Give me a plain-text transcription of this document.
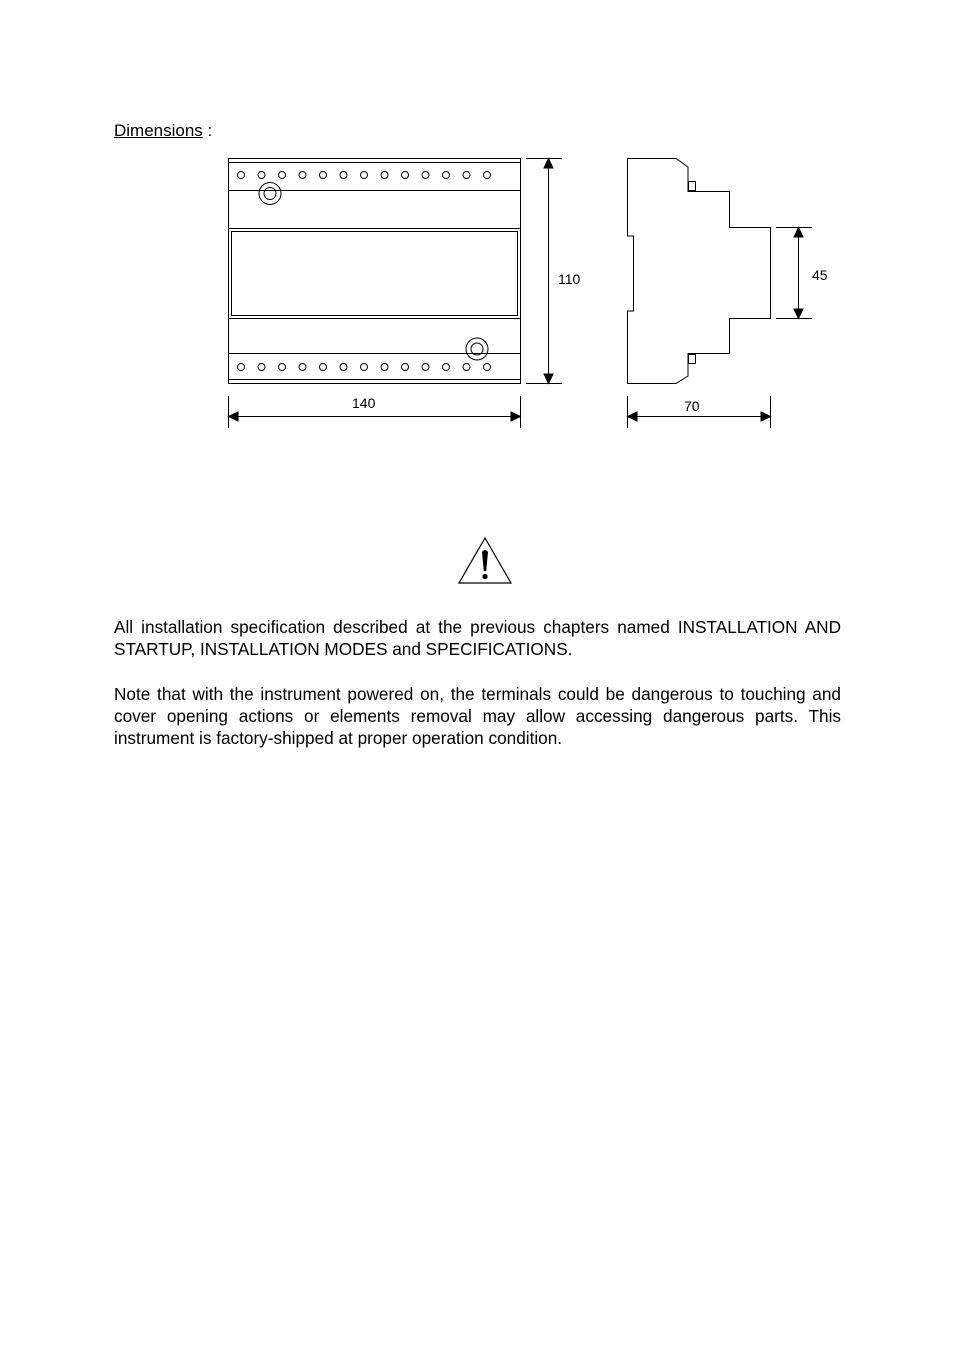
Dimensions :
110
140
45
70

All installation specification described at the previous chapters named INSTALLATION AND STARTUP, INSTALLATION MODES and SPECIFICATIONS.

Note that with the instrument powered on, the terminals could be dangerous to touching and cover opening actions or elements removal may allow accessing dangerous parts. This instrument is factory-shipped at proper operation condition.
